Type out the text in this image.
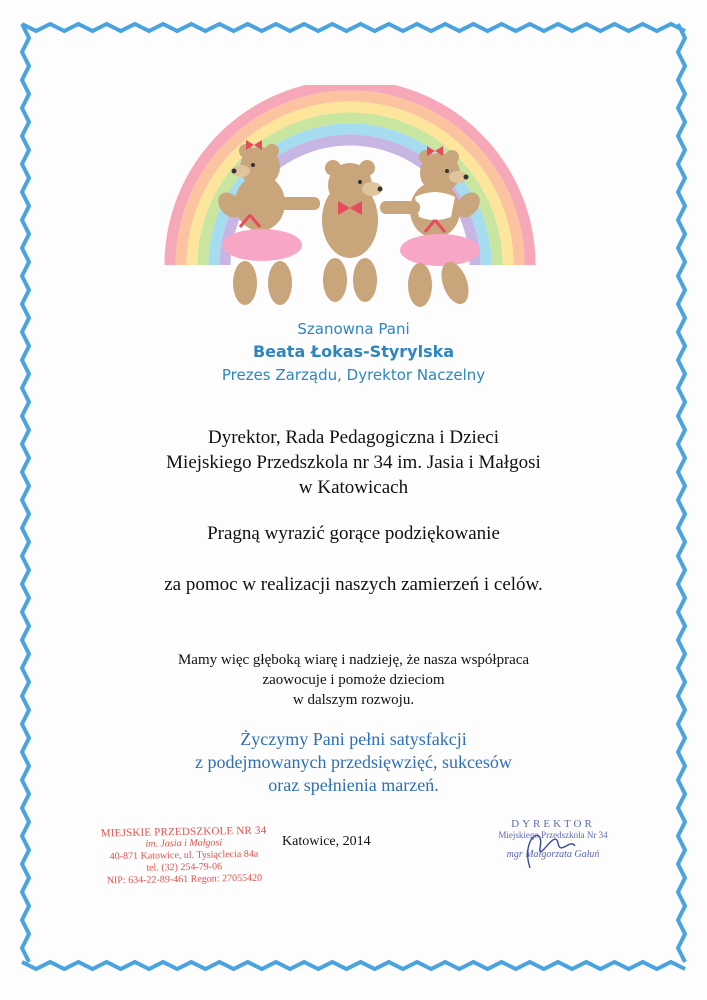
Szanowna Pani
Beata Łokas-Styrylska
Prezes Zarządu, Dyrektor Naczelny
Dyrektor, Rada Pedagogiczna i Dzieci
Miejskiego Przedszkola nr 34 im. Jasia i Małgosi
w Katowicach
Pragną wyrazić gorące podziękowanie
za pomoc w realizacji naszych zamierzeń i celów.
Mamy więc głęboką wiarę i nadzieję, że nasza współpraca
zaowocuje i pomoże dzieciom
w dalszym rozwoju.
Życzymy Pani pełni satysfakcji
z podejmowanych przedsięwzięć, sukcesów
oraz spełnienia marzeń.
MIEJSKIE PRZEDSZKOLE NR 34
im. Jasia i Małgosi
40-871 Katowice, ul. Tysiąclecia 84a
tel. (32) 254-79-06
NIP: 634-22-89-461 Regon: 27055420
Katowice, 2014
DYREKTOR
Miejskiego Przedszkola Nr 34
mgr Małgorzata Gałuń
